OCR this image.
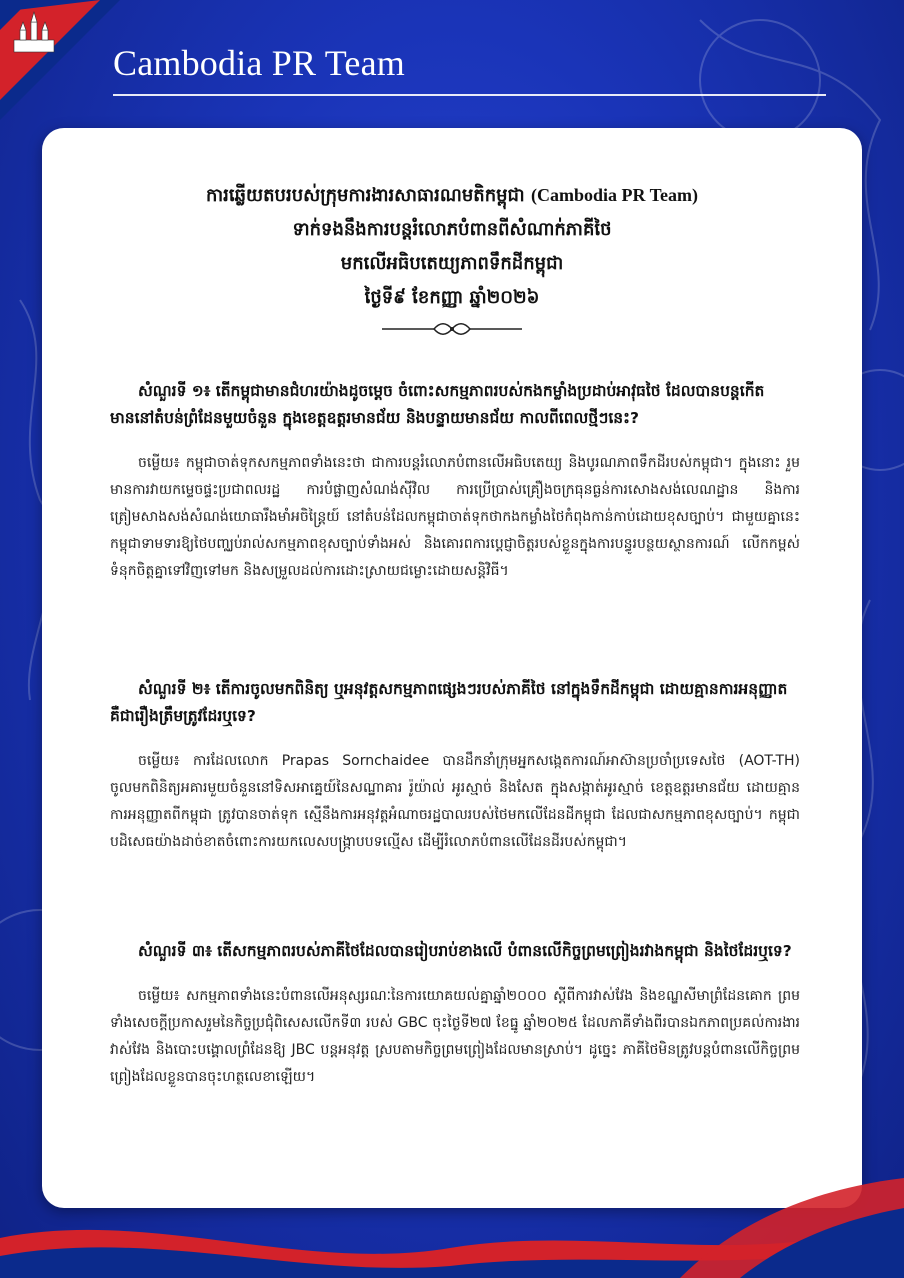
Cambodia PR Team
ការឆ្លើយតបរបស់ក្រុមការងារសាធារណមតិកម្ពុជា (Cambodia PR Team)
ទាក់ទងនឹងការបន្តរំលោភបំពានពីសំណាក់ភាគីថៃ
មកលើអធិបតេយ្យភាពទឹកដីកម្ពុជា
ថ្ងៃទី៩ ខែកញ្ញា ឆ្នាំ២០២៦

សំណួរទី ១៖ តើកម្ពុជាមានជំហរយ៉ាងដូចម្តេច ចំពោះសកម្មភាពរបស់កងកម្លាំងប្រដាប់អាវុធថៃ ដែលបានបន្តកើតមាននៅតំបន់ព្រំដែនមួយចំនួន ក្នុងខេត្តឧត្តរមានជ័យ និងបន្ទាយមានជ័យ កាលពីពេលថ្មីៗនេះ?

ចម្លើយ៖ កម្ពុជាចាត់ទុកសកម្មភាពទាំងនេះថា ជាការបន្តរំលោភបំពានលើអធិបតេយ្យ និងបូរណភាពទឹកដីរបស់កម្ពុជា។ ក្នុងនោះ រួមមានការវាយកម្ទេចផ្ទះប្រជាពលរដ្ឋ ការបំផ្លាញសំណង់ស៊ីវិល ការប្រើប្រាស់គ្រឿងចក្រធុនធ្ងន់ការសោងសង់លេណដ្ឋាន និងការត្រៀមសាងសង់សំណង់យោធារឹងមាំអចិន្ត្រៃយ៍ នៅតំបន់ដែលកម្ពុជាចាត់ទុកថាកងកម្លាំងថៃកំពុងកាន់កាប់ដោយខុសច្បាប់។ ជាមួយគ្នានេះ កម្ពុជាទាមទារឱ្យថៃបញ្ឈប់រាល់សកម្មភាពខុសច្បាប់ទាំងអស់ និងគោរពការប្តេជ្ញាចិត្តរបស់ខ្លួនក្នុងការបន្ធូរបន្ថយស្ថានការណ៍ លើកកម្ពស់ទំនុកចិត្តគ្នាទៅវិញទៅមក និងសម្រួលដល់ការដោះស្រាយជម្លោះដោយសន្តិវិធី។

សំណួរទី ២៖ តើការចូលមកពិនិត្យ ឬអនុវត្តសកម្មភាពផ្សេងៗរបស់ភាគីថៃ នៅក្នុងទឹកដីកម្ពុជា ដោយគ្មានការអនុញ្ញាត គឺជារឿងត្រឹមត្រូវដែរឬទេ?

ចម្លើយ៖ ការដែលលោក Prapas Sornchaidee បានដឹកនាំក្រុមអ្នកសង្កេតការណ៍អាស៊ានប្រចាំប្រទេសថៃ (AOT-TH) ចូលមកពិនិត្យអគារមួយចំនួននៅទិសអាគ្នេយ៍នៃសណ្ឋាគារ រ៉ូយ៉ាល់ អូរស្មាច់ និងសែត ក្នុងសង្កាត់អូរស្មាច់ ខេត្តឧត្តរមានជ័យ ដោយគ្មានការអនុញ្ញាតពីកម្ពុជា ត្រូវបានចាត់ទុក ស្មើនឹងការអនុវត្តអំណាចរដ្ឋបាលរបស់ថៃមកលើដែនដីកម្ពុជា ដែលជាសកម្មភាពខុសច្បាប់។ កម្ពុជាបដិសេធយ៉ាងដាច់ខាតចំពោះការយកលេសបង្ក្រាបបទល្មើស ដើម្បីរំលោភបំពានលើដែនដីរបស់កម្ពុជា។

សំណួរទី ៣៖ តើសកម្មភាពរបស់ភាគីថៃដែលបានរៀបរាប់ខាងលើ បំពានលើកិច្ចព្រមព្រៀងរវាងកម្ពុជា និងថៃដែរឬទេ?

ចម្លើយ៖ សកម្មភាពទាំងនេះបំពានលើអនុស្សរណៈនៃការយោគយល់គ្នាឆ្នាំ២០០០ ស្តីពីការវាស់វែង និងខណ្ឌសីមាព្រំដែនគោក ព្រមទាំងសេចក្តីប្រកាសរួមនៃកិច្ចប្រជុំពិសេសលើកទី៣ របស់ GBC ចុះថ្ងៃទី២៧ ខែធ្នូ ឆ្នាំ២០២៥ ដែលភាគីទាំងពីរបានឯកភាពប្រគល់ការងារវាស់វែង និងបោះបង្គោលព្រំដែនឱ្យ JBC បន្តអនុវត្ត ស្របតាមកិច្ចព្រមព្រៀងដែលមានស្រាប់។ ដូច្នេះ ភាគីថៃមិនត្រូវបន្តបំពានលើកិច្ចព្រមព្រៀងដែលខ្លួនបានចុះហត្ថលេខាឡើយ។
